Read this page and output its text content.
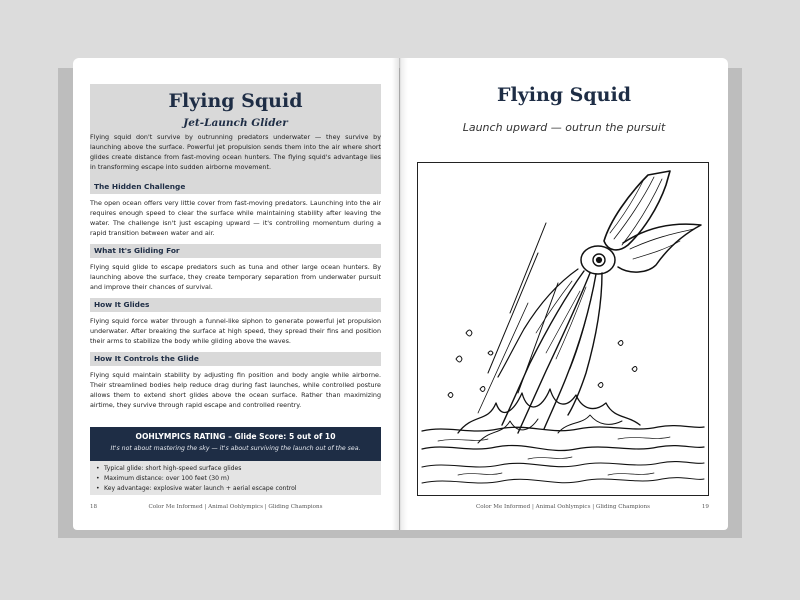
Flying Squid
Jet-Launch Glider
Flying squid don't survive by outrunning predators underwater — they survive by launching above the surface. Powerful jet propulsion sends them into the air where short glides create distance from fast-moving ocean hunters. The flying squid's advantage lies in transforming escape into sudden airborne movement.
The Hidden Challenge
The open ocean offers very little cover from fast-moving predators. Launching into the air requires enough speed to clear the surface while maintaining stability after leaving the water. The challenge isn't just escaping upward — it's controlling momentum during a rapid transition between water and air.
What It's Gliding For
Flying squid glide to escape predators such as tuna and other large ocean hunters. By launching above the surface, they create temporary separation from underwater pursuit and improve their chances of survival.
How It Glides
Flying squid force water through a funnel-like siphon to generate powerful jet propulsion underwater. After breaking the surface at high speed, they spread their fins and position their arms to stabilize the body while gliding above the waves.
How It Controls the Glide
Flying squid maintain stability by adjusting fin position and body angle while airborne. Their streamlined bodies help reduce drag during fast launches, while controlled posture allows them to extend short glides above the ocean surface. Rather than maximizing airtime, they survive through rapid escape and controlled reentry.
OOHLYMPICS RATING – Glide Score: 5 out of 10
It's not about mastering the sky — it's about surviving the launch out of the sea.
• Typical glide: short high-speed surface glides
• Maximum distance: over 100 feet (30 m)
• Key advantage: explosive water launch + aerial escape control
18	Color Me Informed | Animal Oohlympics | Gliding Champions
Flying Squid
Launch upward — outrun the pursuit
Color Me Informed | Animal Oohlympics | Gliding Champions	19
